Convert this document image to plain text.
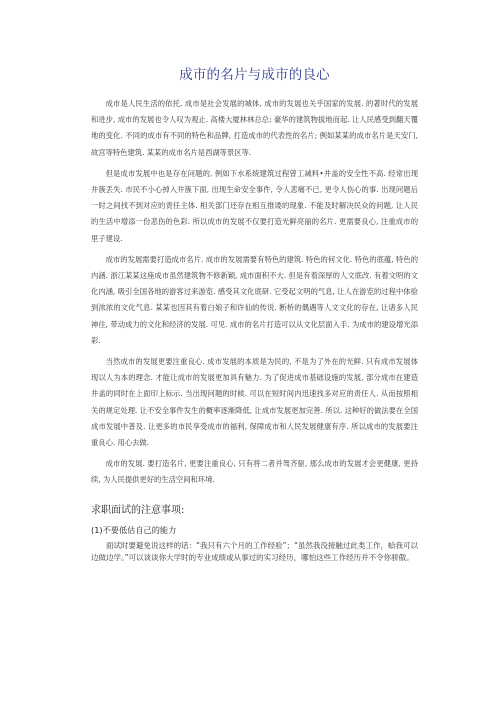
成市的名片与成市的良心

成市是人民生活的依托, 成市是社会发展的城体, 成市的发展也关乎国家的发展. 的著时代的发展和进步, 成市的发展也令人叹为观止. 高楼大厦林林总总; 豪华的建筑物拔地而起. 让人民感受到翻天覆地的变化. 不同的成市有不同的特色和品牌, 打造成市的代表性的名片; 例如某某的成市名片是天安门, 故宫等特色建筑. 某某的成市名片是西湖等景区等.

但是成市发展中也是存在问题的, 例如下水系统建筑过程曾工减料•井盖的安全性不高. 经常出现井簇丢失. 市民不小心掉入井簇下面, 出现生命安全事件, 令人悲痛不已, 更令人伤心的事. 出现问题后一时之间找不到对应的责任主体. 相关部门还存在相互推诿的现象. 不能及时解决民众的问题, 让人民的生活中增添一份悲伤的色彩. 所以成市的发展不仅要打造光鲜亮丽的名片. 更需要良心, 注重成市的里子建设.

成市的发展需要打造成市名片. 成市的发展需要有特色的建筑. 特色的何文化. 特色的底蕴, 特色的内涵. 浙江某某这座成市虽然建筑物不修新颖, 成市面积不大. 但是有着深厚的人文底改. 有着文明的文化内涵, 吸引全国各地的游客过来游览. 感受其文化底研. 它受起文明的气息, 让人在游览的过程中体验到浓浓的文化气息. 某某也因其有着白娘子和许仙的传说. 断桥的偶遇等人文文化的存在, 让诸多人民神往, 带动成力的文化和经济的发展. 可见. 成市的名片打造可以从文化层面入手. 为成市的建设增光添彩.

当然成市的发展更要注重良心. 成市发展的本质是为民的, 不是为了外在的光鲜. 只有成市发展体现以人为本的理念. 才能让成市的发展更加具有魅力. 为了促进成市基础设施的发展, 部分成市在建造井盖的同时在上面印上标示. 当出现问题的时候. 可以在短时间内迅速找多对应的责任人. 从而按照相关的规定处理. 让不安全事件发生的概率逐渐降低, 让成市发展更加完善. 所以. 这种好的做法要在全国成市发展中普及. 让更多的市民享受成市的福利, 保障成市和人民发展健康有序. 所以成市的发展要注重良心. 用心去做.

成市的发展. 要打造名片, 更要注重良心, 只有将二者并驾齐驱, 那么成市的发展才会更健康, 更持续, 为人民提供更好的生活空间和环境.

求职面试的注意事项:
(1)不要低估自己的能力

面试时要避免说这样的话：“我只有六个月的工作经验”；“虽然我没接触过此类工作，蛤我可以边做边学。”可以谈谈你大学时的专业成绩或从事过的实习经历，哪怕这些工作经历并不令你骄傲。
